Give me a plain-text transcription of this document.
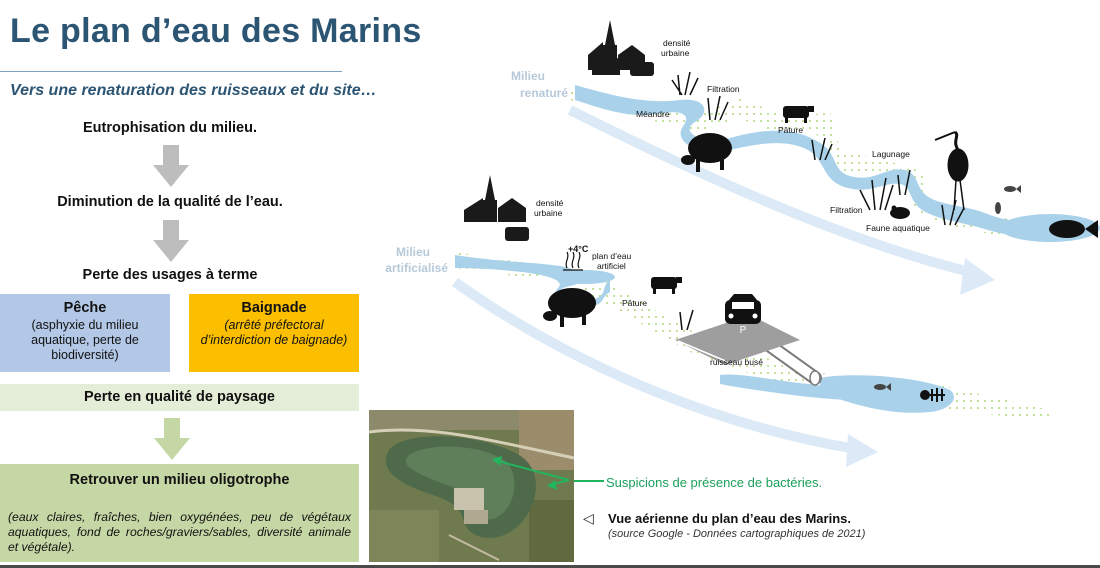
Le plan d’eau des Marins
Vers une renaturation des ruisseaux et du site…
Eutrophisation du milieu.
Diminution de la qualité de l’eau.
Perte des usages à terme
Pêche
(asphyxie du milieu aquatique, perte de biodiversité)
Baignade
(arrêté préfectoral d’interdiction de baignade)
Perte en qualité de paysage
Retrouver un milieu oligotrophe
(eaux claires, fraîches, bien oxygénées, peu de végétaux aquatiques, fond de roches/graviers/sables, diversité animale et végétale).
Suspicions de présence de bactéries.
◁ Vue aérienne du plan d’eau des Marins.
(source Google - Données cartographiques de 2021)
P
Milieu
renaturé
densité
urbaine
Filtration
Méandre
Pâture
Lagunage
Filtration
Faune aquatique
Milieu
artificialisé
densité
urbaine
+4°C
plan d’eau
artificiel
Pâture
ruisseau busé
